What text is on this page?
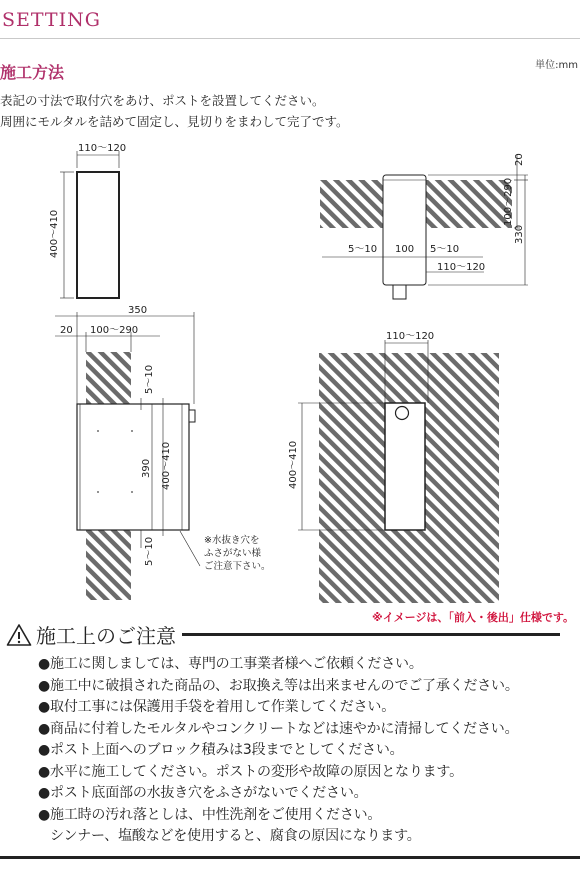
SETTING
施工方法	単位:mm
表記の寸法で取付穴をあけ、ポストを設置してください。
周囲にモルタルを詰めて固定し、見切りをまわして完了です。
110～120
400～410
20
100～290
330
5～10 100 5～10
110～120
350
20 100～290
5～10
390 400～410
5～10	※水抜き穴を
ふさがない様
ご注意下さい。
110～120
400～410
※イメージは、「前入・後出」仕様です。
施工上のご注意
●施工に関しましては、専門の工事業者様へご依頼ください。
●施工中に破損された商品の、お取換え等は出来ませんのでご了承ください。
●取付工事には保護用手袋を着用して作業してください。
●商品に付着したモルタルやコンクリートなどは速やかに清掃してください。
●ポスト上面へのブロック積みは3段までとしてください。
●水平に施工してください。ポストの変形や故障の原因となります。
●ポスト底面部の水抜き穴をふさがないでください。
●施工時の汚れ落としは、中性洗剤をご使用ください。
シンナー、塩酸などを使用すると、腐食の原因になります。
